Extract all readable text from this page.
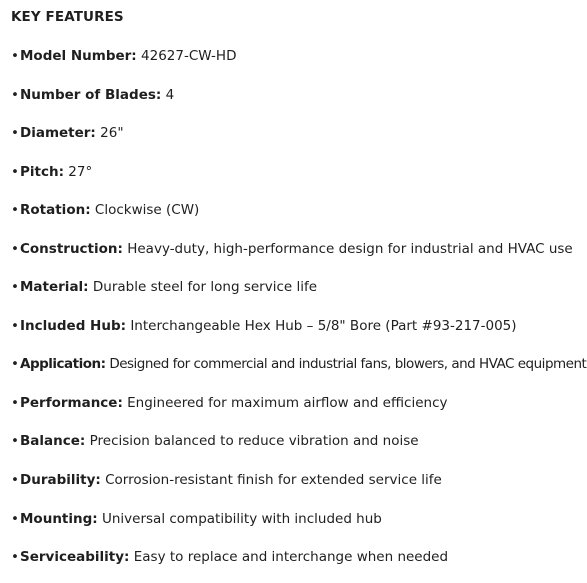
KEY FEATURES
•Model Number: 42627-CW-HD
•Number of Blades: 4
•Diameter: 26"
•Pitch: 27°
•Rotation: Clockwise (CW)
•Construction: Heavy-duty, high-performance design for industrial and HVAC use
•Material: Durable steel for long service life
•Included Hub: Interchangeable Hex Hub – 5/8" Bore (Part #93-217-005)
• Application: Designed for commercial and industrial fans, blowers, and HVAC equipment
•Performance: Engineered for maximum airflow and efficiency
•Balance: Precision balanced to reduce vibration and noise
•Durability: Corrosion-resistant finish for extended service life
•Mounting: Universal compatibility with included hub
•Serviceability: Easy to replace and interchange when needed
